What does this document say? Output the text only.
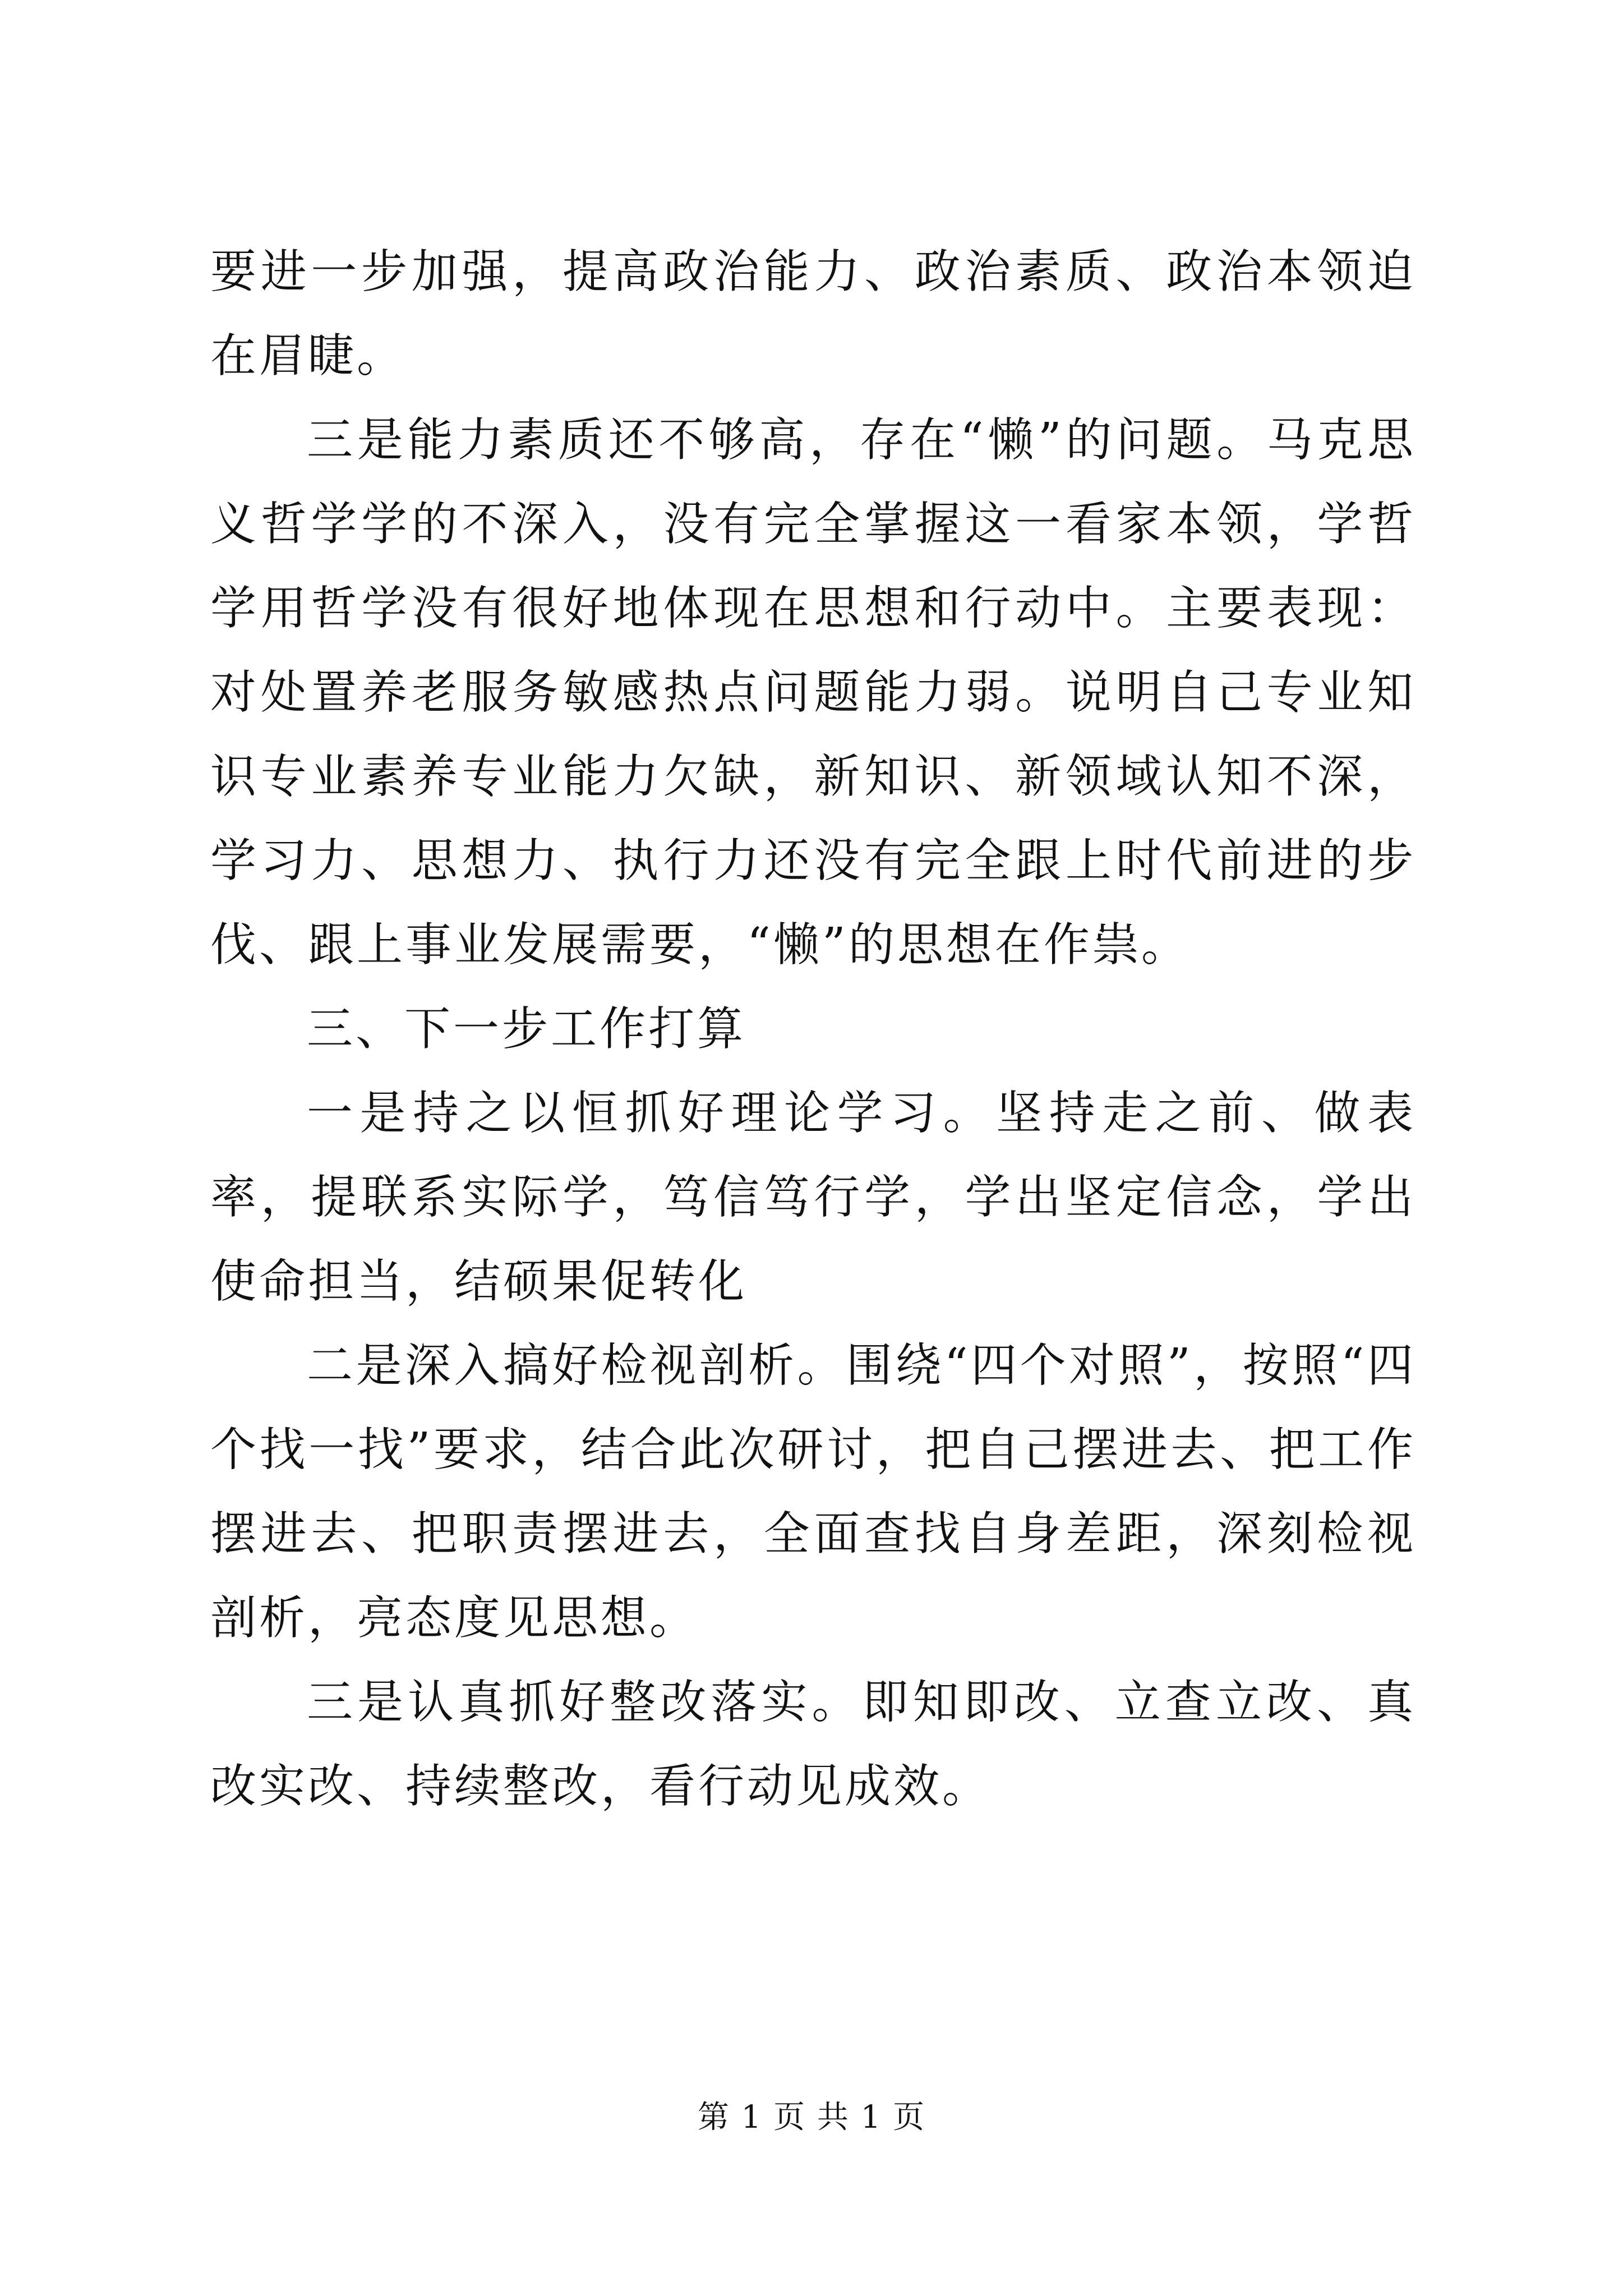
要进一步加强，提高政治能力、政治素质、政治本领迫在眉睫。

三是能力素质还不够高，存在“懒”的问题。马克思义哲学学的不深入，没有完全掌握这一看家本领，学哲学用哲学没有很好地体现在思想和行动中。主要表现：对处置养老服务敏感热点问题能力弱。说明自己专业知识专业素养专业能力欠缺，新知识、新领域认知不深，学习力、思想力、执行力还没有完全跟上时代前进的步伐、跟上事业发展需要，“懒”的思想在作祟。

三、下一步工作打算

一是持之以恒抓好理论学习。坚持走之前、做表率，提联系实际学，笃信笃行学，学出坚定信念，学出使命担当，结硕果促转化

二是深入搞好检视剖析。围绕“四个对照”，按照“四个找一找”要求，结合此次研讨，把自己摆进去、把工作摆进去、把职责摆进去，全面查找自身差距，深刻检视剖析，亮态度见思想。

三是认真抓好整改落实。即知即改、立查立改、真改实改、持续整改，看行动见成效。

第 1 页 共 1 页
